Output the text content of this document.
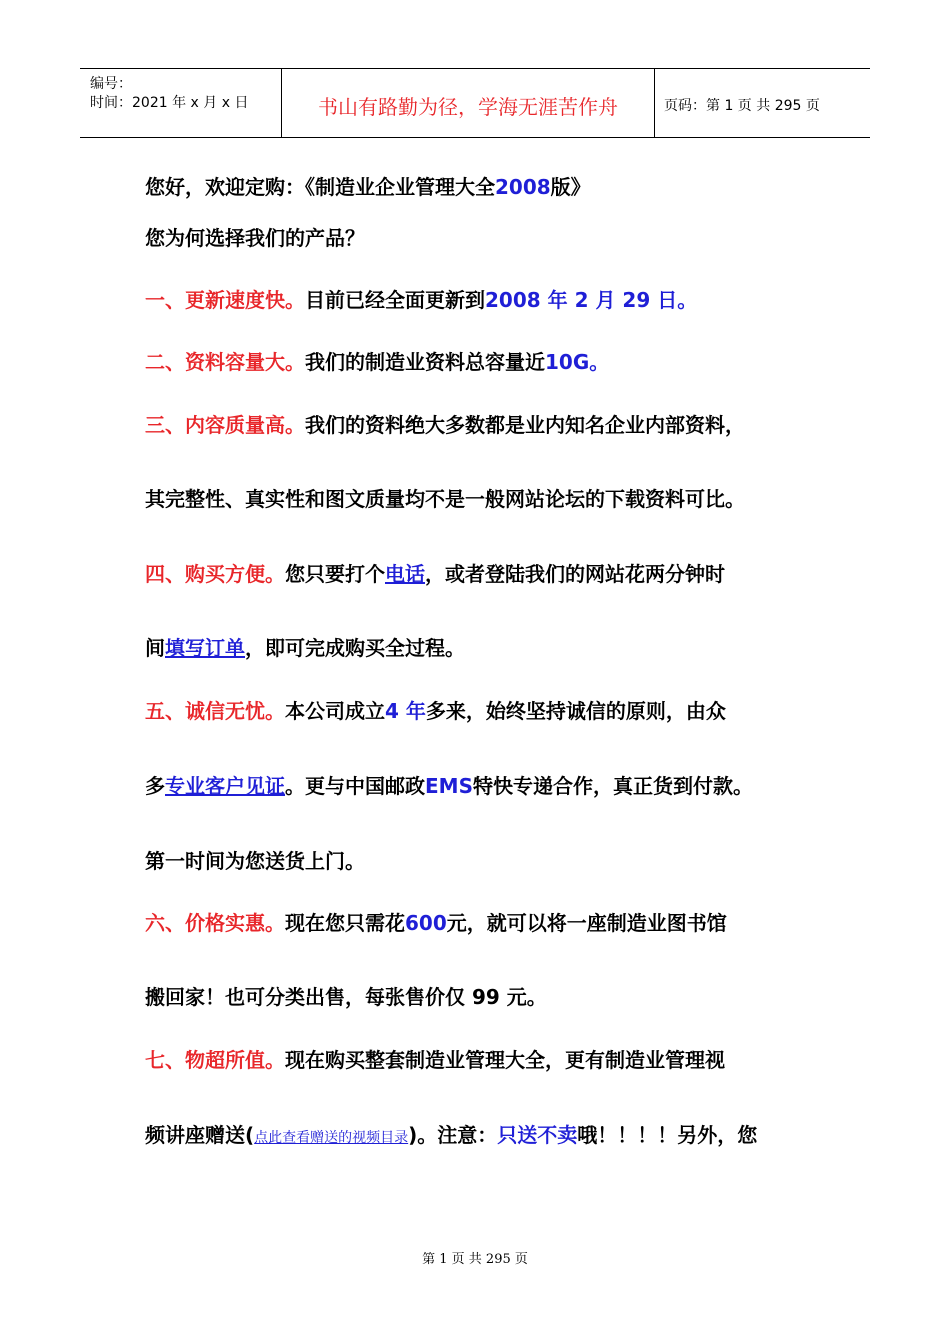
编号：
时间：2021 年 x 月 x 日	书山有路勤为径，学海无涯苦作舟	页码：第 1 页 共 295 页
您好，欢迎定购：《制造业企业管理大全2008版》
您为何选择我们的产品？
一、更新速度快。目前已经全面更新到2008 年 2 月 29 日。
二、资料容量大。我们的制造业资料总容量近10G。
三、内容质量高。我们的资料绝大多数都是业内知名企业内部资料，
其完整性、真实性和图文质量均不是一般网站论坛的下载资料可比。
四、购买方便。您只要打个电话，或者登陆我们的网站花两分钟时
间填写订单，即可完成购买全过程。
五、诚信无忧。本公司成立4 年多来，始终坚持诚信的原则，由众
多专业客户见证。更与中国邮政EMS特快专递合作，真正货到付款。
第一时间为您送货上门。
六、价格实惠。现在您只需花600元，就可以将一座制造业图书馆
搬回家！也可分类出售，每张售价仅 99 元。
七、物超所值。现在购买整套制造业管理大全，更有制造业管理视
频讲座赠送(点此查看赠送的视频目录)。注意：只送不卖哦！！！！另外，您
第 1 页 共 295 页
